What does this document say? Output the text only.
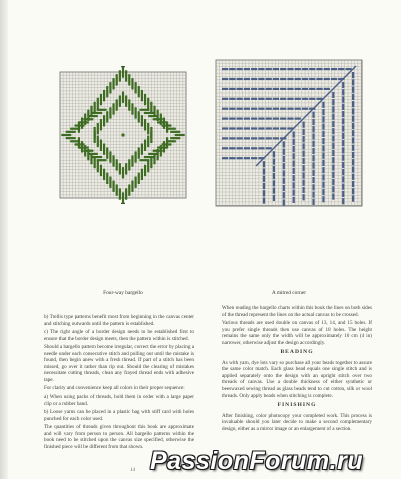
Four-way bargello	A mitred corner

b) Trellis type patterns benefit most from beginning in the canvas center and stitching outwards until the pattern is established.

c) The right angle of a border design needs to be established first to ensure that the border design meets, then the pattern within is stitched.

Should a bargello pattern become irregular, correct the error by placing a needle under each consecutive stitch and pulling out until the mistake is found, then begin anew with a fresh thread. If part of a stitch has been missed, go over it rather than rip out. Should the clearing of mistakes necessitate cutting threads, clean any frayed thread ends with adhesive tape.

For clarity and convenience keep all colors in their proper sequence:

a) When using packs of threads, hold them in order with a large paper clip or a rubber band.

b) Loose yarns can be placed in a plastic bag with stiff card with holes punched for each color used.

The quantities of threads given throughout this book are approximate and will vary from person to person. All bargello patterns within the book need to be stitched upon the canvas size specified, otherwise the finished piece will be different from that shown.

When reading the bargello charts within this book the lines on both sides of the thread represent the lines on the actual canvas to be crossed.

Various threads are used double on canvas of 13, 14, and 15 holes. If you prefer single threads then use canvas of 18 holes. The height remains the same only the width will be approximately 10 cm (4 in) narrower, otherwise adjust the design accordingly.

BEADING

As with yarn, dye lots vary so purchase all your beads together to assure the same color match. Each glass bead equals one single stitch and is applied separately onto the design with an upright stitch over two threads of canvas. Use a double thickness of either synthetic or beeswaxed sewing thread as glass beads tend to cut cotton, silk or wool threads. Only apply beads when stitching is complete.

FINISHING

After finishing, color photocopy your completed work. This process is invaluable should you later decide to make a second complementary design, either as a mirror image or an enlargement of a section.

14 PassionForum.ru
